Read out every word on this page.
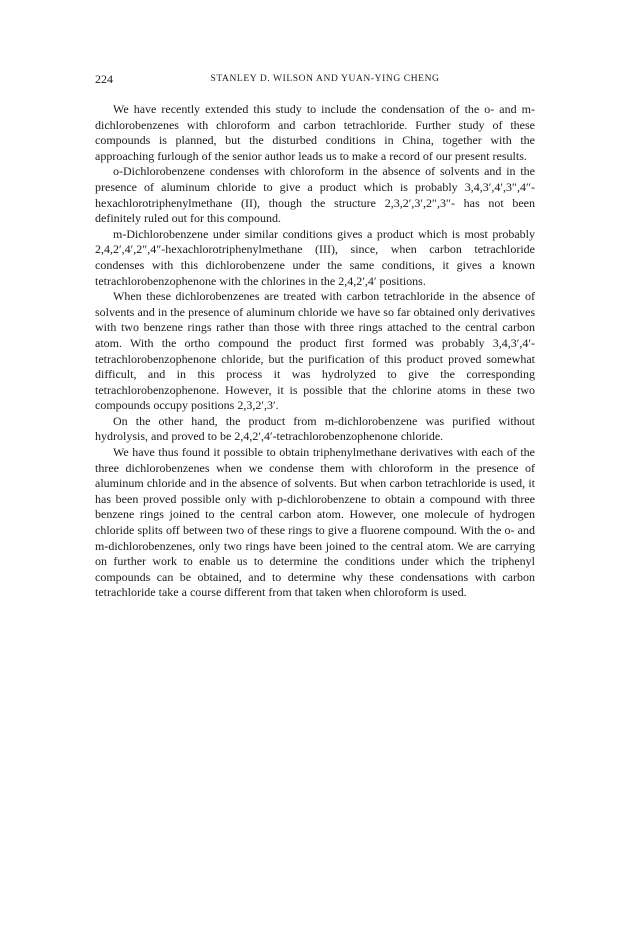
224	STANLEY D. WILSON AND YUAN-YING CHENG

We have recently extended this study to include the condensation of the o- and m-dichlorobenzenes with chloroform and carbon tetrachloride. Further study of these compounds is planned, but the disturbed conditions in China, together with the approaching furlough of the senior author leads us to make a record of our present results.

o-Dichlorobenzene condenses with chloroform in the absence of solvents and in the presence of aluminum chloride to give a product which is probably 3,4,3′,4′,3″,4″-hexachlorotriphenylmethane (II), though the structure 2,3,2′,3′,2″,3″- has not been definitely ruled out for this compound.

m-Dichlorobenzene under similar conditions gives a product which is most probably 2,4,2′,4′,2″,4″-hexachlorotriphenylmethane (III), since, when carbon tetrachloride condenses with this dichlorobenzene under the same conditions, it gives a known tetrachlorobenzophenone with the chlorines in the 2,4,2′,4′ positions.

When these dichlorobenzenes are treated with carbon tetrachloride in the absence of solvents and in the presence of aluminum chloride we have so far obtained only derivatives with two benzene rings rather than those with three rings attached to the central carbon atom. With the ortho compound the product first formed was probably 3,4,3′,4′-tetrachlorobenzophenone chloride, but the purification of this product proved somewhat difficult, and in this process it was hydrolyzed to give the corresponding tetrachlorobenzophenone. However, it is possible that the chlorine atoms in these two compounds occupy positions 2,3,2′,3′.

On the other hand, the product from m-dichlorobenzene was purified without hydrolysis, and proved to be 2,4,2′,4′-tetrachlorobenzophenone chloride.

We have thus found it possible to obtain triphenylmethane derivatives with each of the three dichlorobenzenes when we condense them with chloroform in the presence of aluminum chloride and in the absence of solvents. But when carbon tetrachloride is used, it has been proved possible only with p-dichlorobenzene to obtain a compound with three benzene rings joined to the central carbon atom. However, one molecule of hydrogen chloride splits off between two of these rings to give a fluorene compound. With the o- and m-dichlorobenzenes, only two rings have been joined to the central atom. We are carrying on further work to enable us to determine the conditions under which the triphenyl compounds can be obtained, and to determine why these condensations with carbon tetrachloride take a course different from that taken when chloroform is used.
